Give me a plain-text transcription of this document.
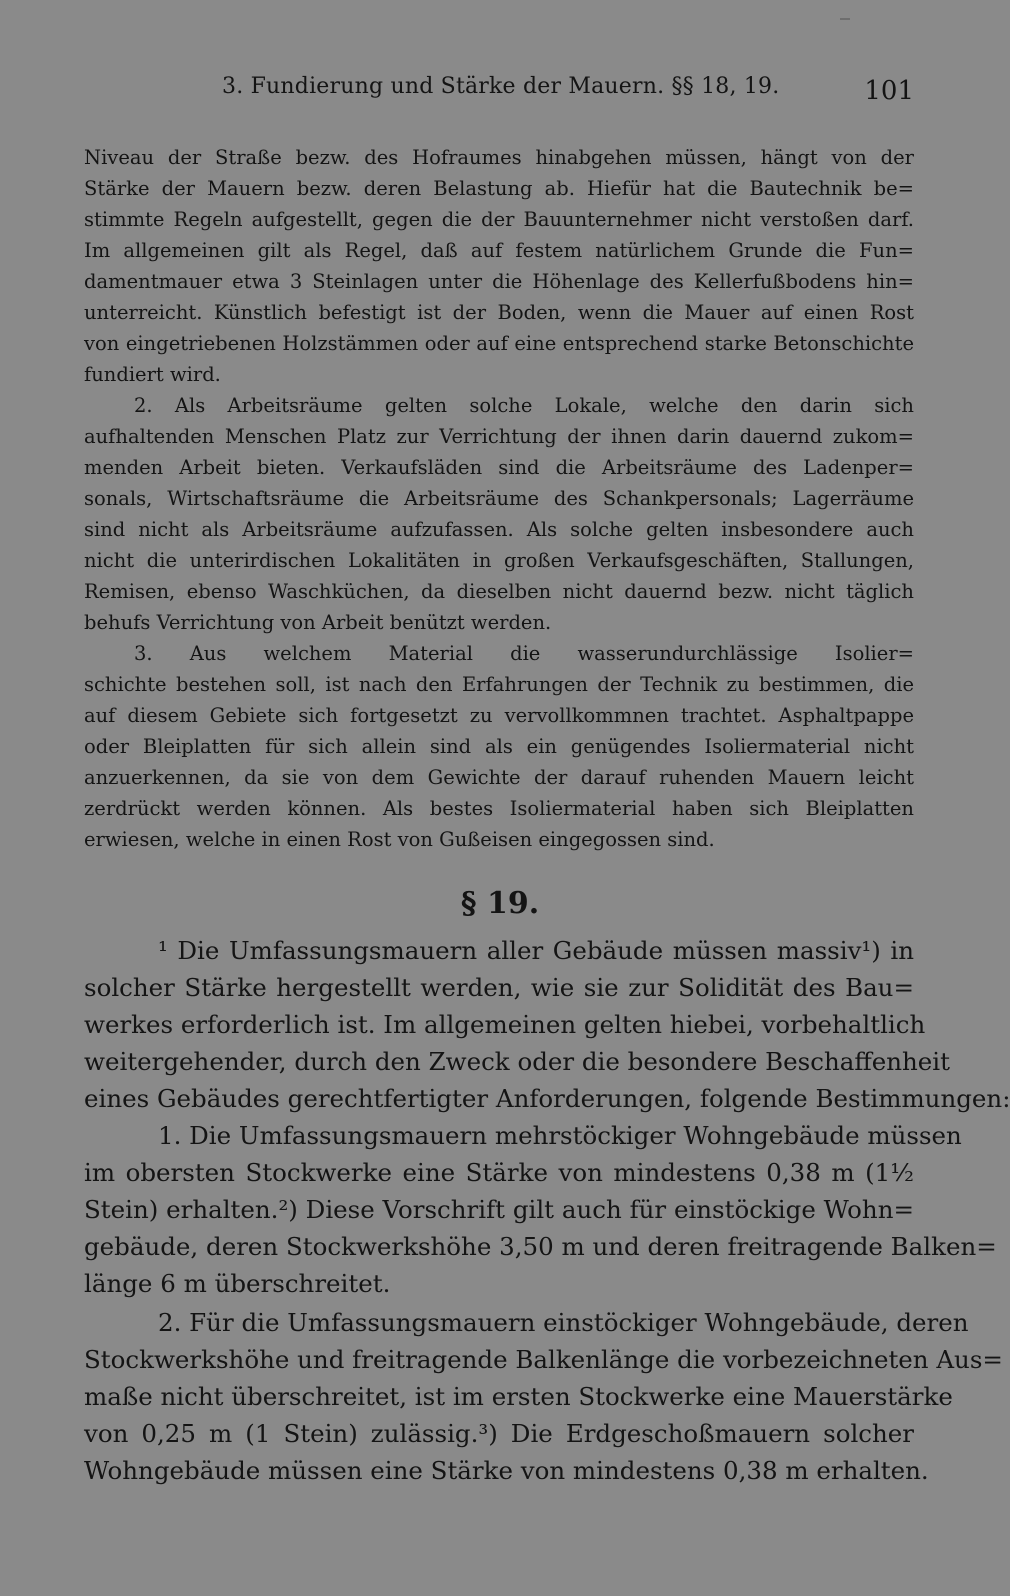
3. Fundierung und Stärke der Mauern. §§ 18, 19.	101
Niveau der Straße bezw. des Hofraumes hinabgehen müssen, hängt von der
Stärke der Mauern bezw. deren Belastung ab. Hiefür hat die Bautechnik be=
stimmte Regeln aufgestellt, gegen die der Bauunternehmer nicht verstoßen darf.
Im allgemeinen gilt als Regel, daß auf festem natürlichem Grunde die Fun=
damentmauer etwa 3 Steinlagen unter die Höhenlage des Kellerfußbodens hin=
unterreicht. Künstlich befestigt ist der Boden, wenn die Mauer auf einen Rost
von eingetriebenen Holzstämmen oder auf eine entsprechend starke Betonschichte
fundiert wird.
2. Als Arbeitsräume gelten solche Lokale, welche den darin sich
aufhaltenden Menschen Platz zur Verrichtung der ihnen darin dauernd zukom=
menden Arbeit bieten. Verkaufsläden sind die Arbeitsräume des Ladenper=
sonals, Wirtschaftsräume die Arbeitsräume des Schankpersonals; Lagerräume
sind nicht als Arbeitsräume aufzufassen. Als solche gelten insbesondere auch
nicht die unterirdischen Lokalitäten in großen Verkaufsgeschäften, Stallungen,
Remisen, ebenso Waschküchen, da dieselben nicht dauernd bezw. nicht täglich
behufs Verrichtung von Arbeit benützt werden.
3. Aus welchem Material die wasserundurchlässige Isolier=
schichte bestehen soll, ist nach den Erfahrungen der Technik zu bestimmen, die
auf diesem Gebiete sich fortgesetzt zu vervollkommnen trachtet. Asphaltpappe
oder Bleiplatten für sich allein sind als ein genügendes Isoliermaterial nicht
anzuerkennen, da sie von dem Gewichte der darauf ruhenden Mauern leicht
zerdrückt werden können. Als bestes Isoliermaterial haben sich Bleiplatten
erwiesen, welche in einen Rost von Gußeisen eingegossen sind.
§ 19.
¹ Die Umfassungsmauern aller Gebäude müssen massiv¹) in
solcher Stärke hergestellt werden, wie sie zur Solidität des Bau=
werkes erforderlich ist. Im allgemeinen gelten hiebei, vorbehaltlich
weitergehender, durch den Zweck oder die besondere Beschaffenheit
eines Gebäudes gerechtfertigter Anforderungen, folgende Bestimmungen:
1. Die Umfassungsmauern mehrstöckiger Wohngebäude müssen
im obersten Stockwerke eine Stärke von mindestens 0,38 m (1½
Stein) erhalten.²) Diese Vorschrift gilt auch für einstöckige Wohn=
gebäude, deren Stockwerkshöhe 3,50 m und deren freitragende Balken=
länge 6 m überschreitet.
2. Für die Umfassungsmauern einstöckiger Wohngebäude, deren
Stockwerkshöhe und freitragende Balkenlänge die vorbezeichneten Aus=
maße nicht überschreitet, ist im ersten Stockwerke eine Mauerstärke
von 0,25 m (1 Stein) zulässig.³) Die Erdgeschoßmauern solcher
Wohngebäude müssen eine Stärke von mindestens 0,38 m erhalten.
